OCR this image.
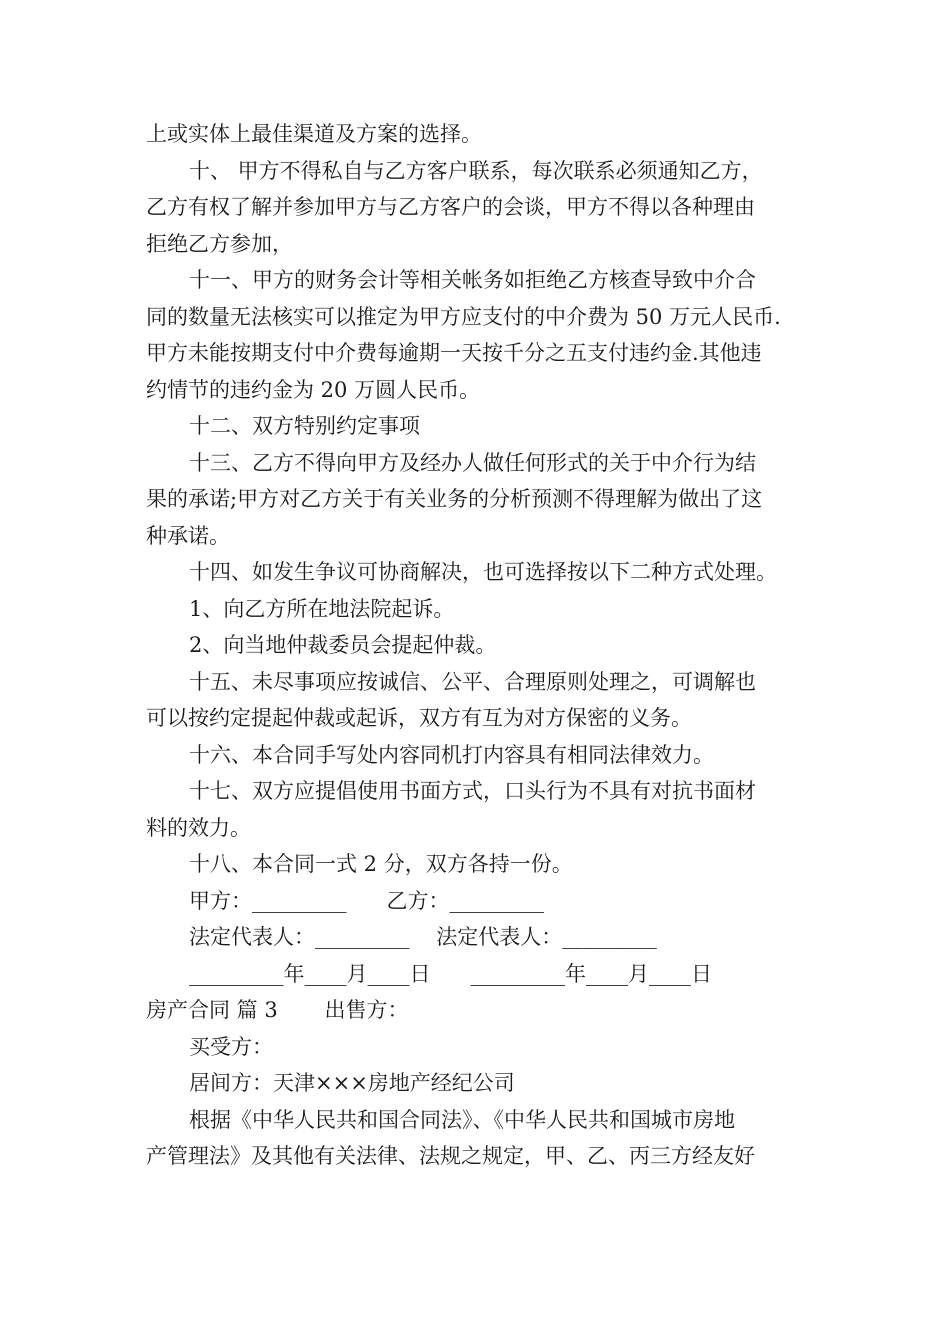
上或实体上最佳渠道及方案的选择。

十、 甲方不得私自与乙方客户联系，每次联系必须通知乙方，

乙方有权了解并参加甲方与乙方客户的会谈，甲方不得以各种理由

拒绝乙方参加，

十一、甲方的财务会计等相关帐务如拒绝乙方核查导致中介合

同的数量无法核实可以推定为甲方应支付的中介费为 50 万元人民币.

甲方未能按期支付中介费每逾期一天按千分之五支付违约金.其他违

约情节的违约金为 20 万圆人民币。

十二、双方特别约定事项

十三、乙方不得向甲方及经办人做任何形式的关于中介行为结

果的承诺;甲方对乙方关于有关业务的分析预测不得理解为做出了这

种承诺。

十四、如发生争议可协商解决，也可选择按以下二种方式处理。

1、向乙方所在地法院起诉。

2、向当地仲裁委员会提起仲裁。

十五、未尽事项应按诚信、公平、合理原则处理之，可调解也

可以按约定提起仲裁或起诉，双方有互为对方保密的义务。

十六、本合同手写处内容同机打内容具有相同法律效力。

十七、双方应提倡使用书面方式，口头行为不具有对抗书面材

料的效力。

十八、本合同一式 2 分，双方各持一份。

甲方：_________      乙方：_________

法定代表人：_________    法定代表人：_________

_________年____月____日      _________年____月____日

房产合同 篇 3       出售方：

买受方：

居间方：天津×××房地产经纪公司

根据《中华人民共和国合同法》、《中华人民共和国城市房地

产管理法》及其他有关法律、法规之规定，甲、乙、丙三方经友好
